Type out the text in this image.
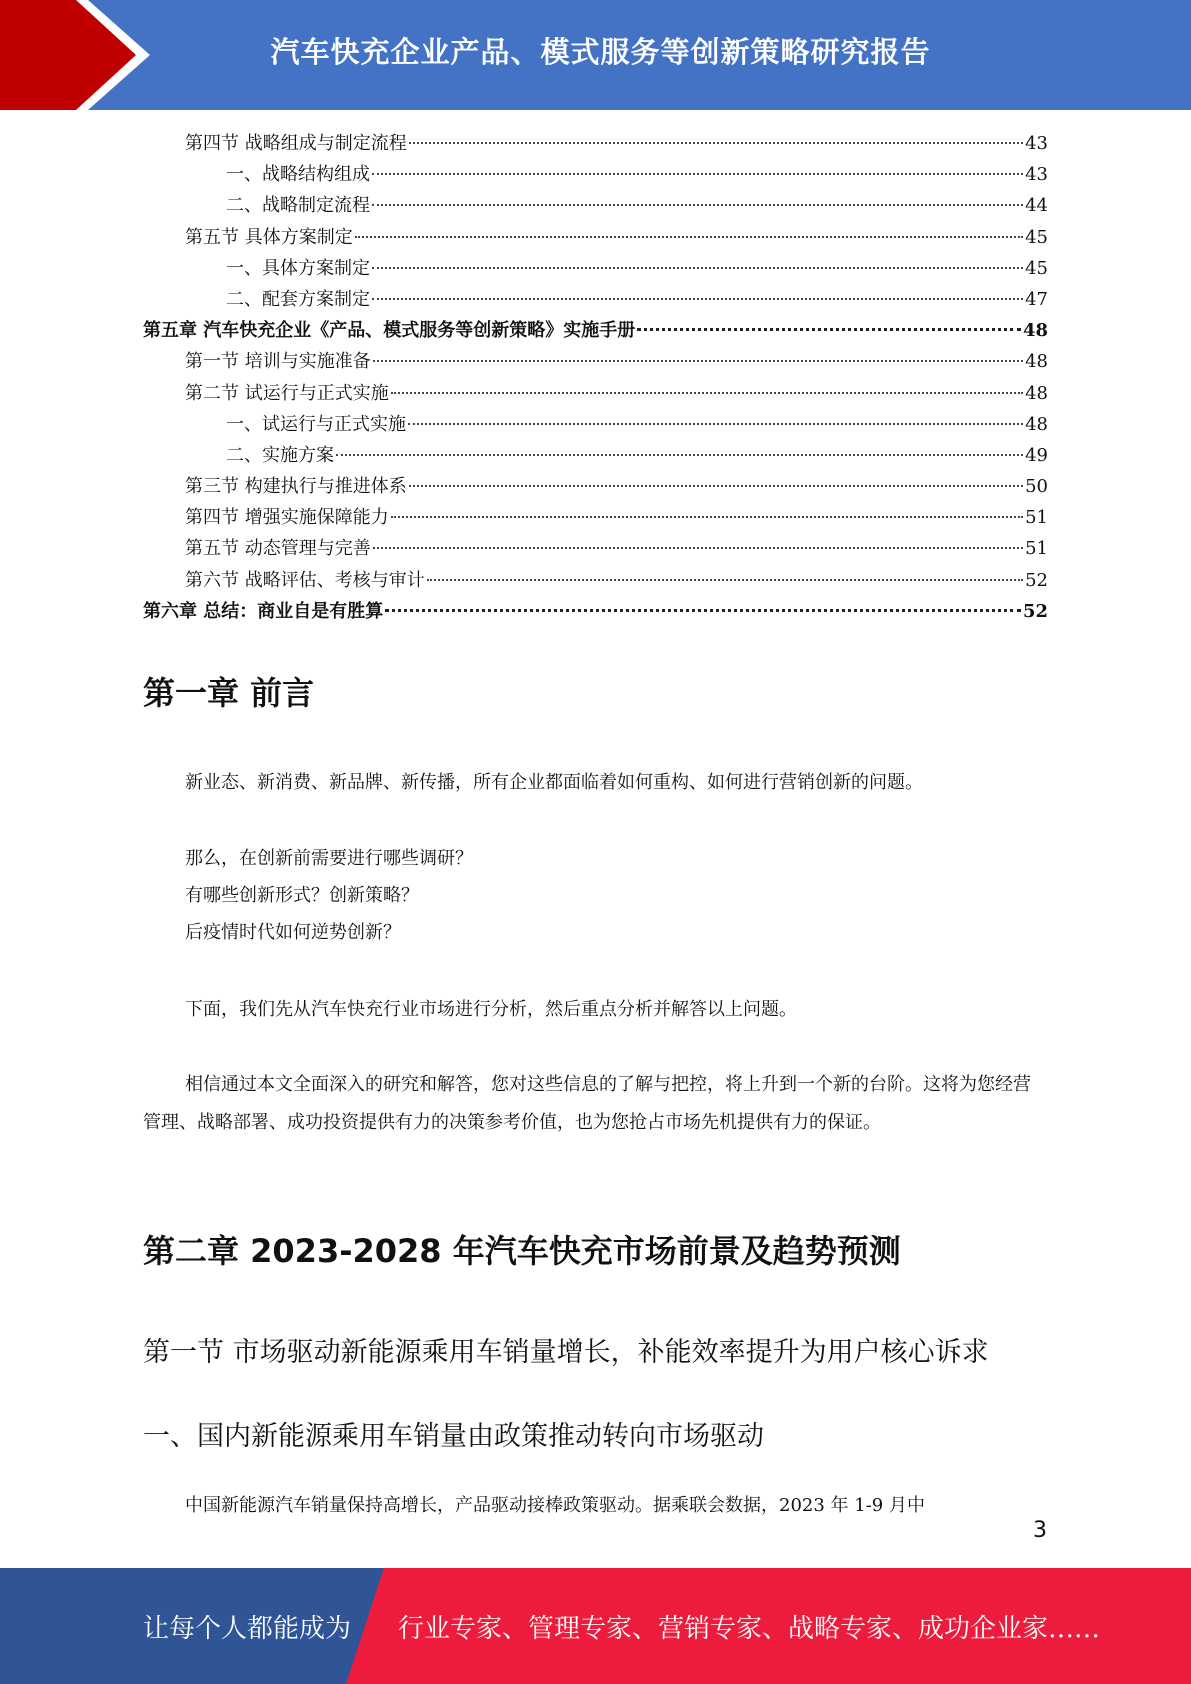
汽车快充企业产品、模式服务等创新策略研究报告
第四节 战略组成与制定流程	43
一、战略结构组成	43
二、战略制定流程	44
第五节 具体方案制定	45
一、具体方案制定	45
二、配套方案制定	47
第五章 汽车快充企业《产品、模式服务等创新策略》实施手册	48
第一节 培训与实施准备	48
第二节 试运行与正式实施	48
一、试运行与正式实施	48
二、实施方案	49
第三节 构建执行与推进体系	50
第四节 增强实施保障能力	51
第五节 动态管理与完善	51
第六节 战略评估、考核与审计	52
第六章 总结：商业自是有胜算	52
第一章 前言
新业态、新消费、新品牌、新传播，所有企业都面临着如何重构、如何进行营销创新的问题。
那么，在创新前需要进行哪些调研？
有哪些创新形式？创新策略？
后疫情时代如何逆势创新？
下面，我们先从汽车快充行业市场进行分析，然后重点分析并解答以上问题。
相信通过本文全面深入的研究和解答，您对这些信息的了解与把控，将上升到一个新的台阶。这将为您经营管理、战略部署、成功投资提供有力的决策参考价值，也为您抢占市场先机提供有力的保证。
第二章 2023-2028 年汽车快充市场前景及趋势预测
第一节 市场驱动新能源乘用车销量增长，补能效率提升为用户核心诉求
一、国内新能源乘用车销量由政策推动转向市场驱动
中国新能源汽车销量保持高增长，产品驱动接棒政策驱动。据乘联会数据，2023 年 1-9 月中
3
让每个人都能成为 行业专家、管理专家、营销专家、战略专家、成功企业家……
